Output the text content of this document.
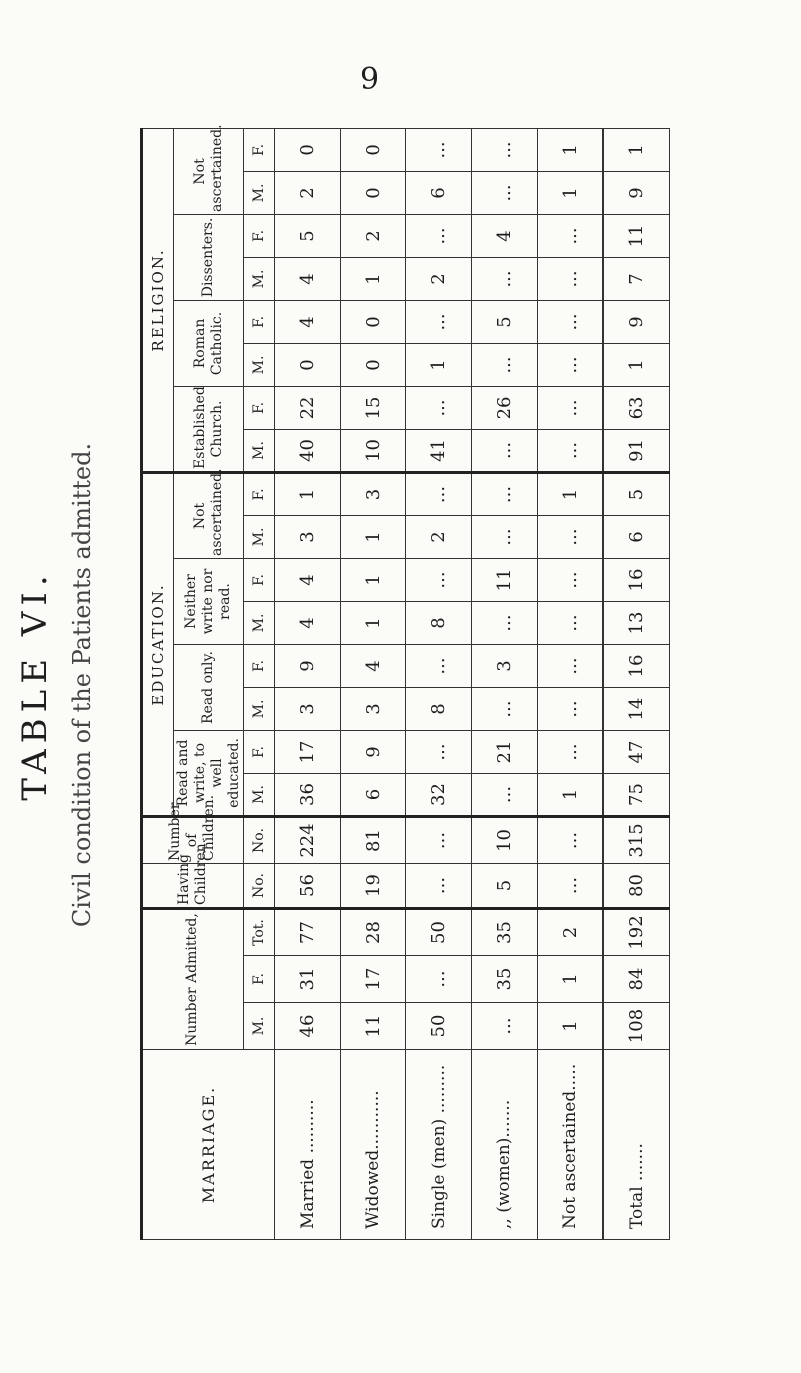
9
TABLE VI. Civil condition of the Patients admitted.
MARRIAGE.	Number Admitted,			Having Children.	Number of Children.	EDUCATION.								RELIGION.							
						Read and write, to well educated.		Read only.		Neither write nor read.		Not ascertained.		Established Church.		Roman Catholic.		Dissenters.		Not ascertained.	
	M.	F.	Tot.	No.	No.	M.	F.	M.	F.	M.	F.	M.	F.	M.	F.	M.	F.	M.	F.	M.	F.
Married ..........	46	31	77	56	224	36	17	3	9	4	4	3	1	40	22	0	4	4	5	2	0
Widowed...........	11	17	28	19	81	6	9	3	4	1	1	1	3	10	15	0	0	1	2	0	0
Single (men) .........	50	...	50	...	...	32	...	8	...	8	...	2	...	41	...	1	...	2	...	6	...
,, (women).......	...	35	35	5	10	...	21	...	3	...	11	...	...	...	26	...	5	...	4	...	...
Not ascertained.....	1	1	2	...	...	1	...	...	...	...	...	...	1	...	...	...	...	...	...	1	1
Total .......	108	84	192	80	315	75	47	14	16	13	16	6	5	91	63	1	9	7	11	9	1
